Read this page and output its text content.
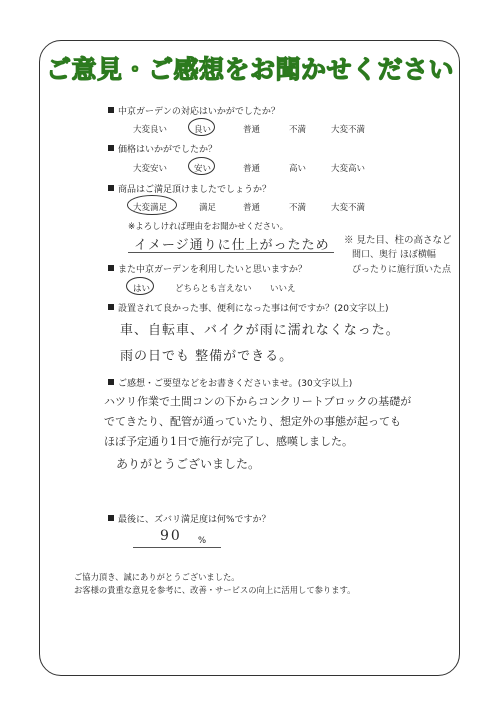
ご意見・ご感想をお聞かせください
中京ガーデンの対応はいかがでしたか？
大変良い	良い	普通	不満	大変不満
価格はいかがでしたか？
大変安い	安い	普通	高い	大変高い
商品はご満足頂けましたでしょうか？
大変満足	満足	普通	不満	大変不満
※よろしければ理由をお聞かせください。
イメージ通りに仕上がったため ※ 見た目、柱の高さなど
間口、奥行 ほぼ横幅
ぴったりに施行頂いた点
また中京ガーデンを利用したいと思いますか？
はい	どちらとも言えない いいえ
設置されて良かった事、便利になった事は何ですか？(20文字以上)
車、自転車、バイクが雨に濡れなくなった。
雨の日でも 整備ができる。
ご感想・ご要望などをお書きくださいませ。(30文字以上)
ハツリ作業で土間コンの下からコンクリートブロックの基礎が
でてきたり、配管が通っていたり、想定外の事態が起っても
ほぼ予定通り1日で施行が完了し、感嘆しました。
ありがとうございました。
最後に、ズバリ満足度は何%ですか？
90 %
ご協力頂き、誠にありがとうございました。
お客様の貴重な意見を参考に、改善・サービスの向上に活用して参ります。
